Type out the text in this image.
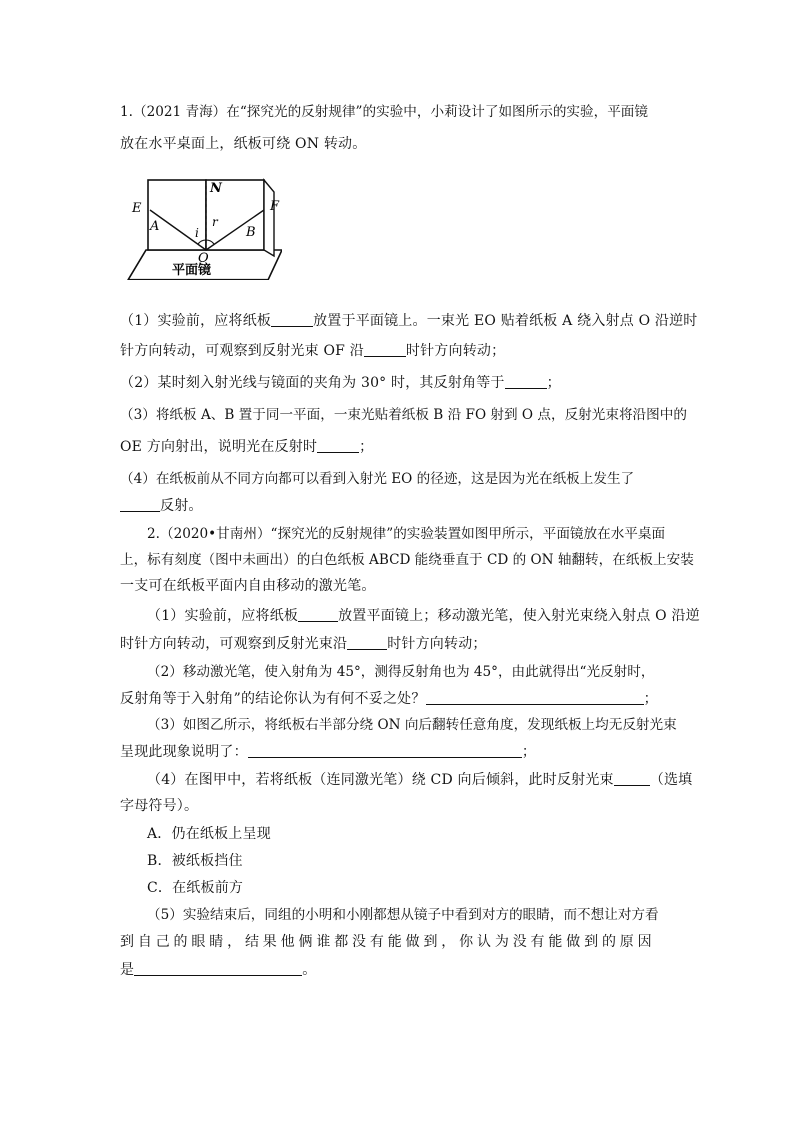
1.（2021 青海）在“探究光的反射规律”的实验中，小莉设计了如图所示的实验，平面镜
放在水平桌面上，纸板可绕 ON 转动。
E	F
N
A	B
i
r
O
平面镜
（1）实验前，应将纸板	放置于平面镜上。一束光 EO 贴着纸板 A 绕入射点 O 沿逆时
针方向转动，可观察到反射光束 OF 沿	时针方向转动；
（2）某时刻入射光线与镜面的夹角为 30° 时，其反射角等于	；
（3）将纸板 A、B 置于同一平面，一束光贴着纸板 B 沿 FO 射到 O 点，反射光束将沿图中的
OE 方向射出，说明光在反射时	；
（4）在纸板前从不同方向都可以看到入射光 EO 的径迹，这是因为光在纸板上发生了
反射。
2.（2020•甘南州）“探究光的反射规律”的实验装置如图甲所示，平面镜放在水平桌面
上，标有刻度（图中未画出）的白色纸板 ABCD 能绕垂直于 CD 的 ON 轴翻转，在纸板上安装
一支可在纸板平面内自由移动的激光笔。
（1）实验前，应将纸板	放置平面镜上；移动激光笔，使入射光束绕入射点 O 沿逆
时针方向转动，可观察到反射光束沿	时针方向转动；
（2）移动激光笔，使入射角为 45°，测得反射角也为 45°，由此就得出“光反射时，
反射角等于入射角”的结论你认为有何不妥之处？	；
（3）如图乙所示，将纸板右半部分绕 ON 向后翻转任意角度，发现纸板上均无反射光束
呈现此现象说明了：	；
（4）在图甲中，若将纸板（连同激光笔）绕 CD 向后倾斜，此时反射光束	（选填
字母符号）。
A．仍在纸板上呈现
B．被纸板挡住
C．在纸板前方
（5）实验结束后，同组的小明和小刚都想从镜子中看到对方的眼睛，而不想让对方看
到 自 己 的 眼 睛 ， 结 果 他 俩 谁 都 没 有 能 做 到 ， 你 认 为 没 有 能 做 到 的 原 因
是	。
